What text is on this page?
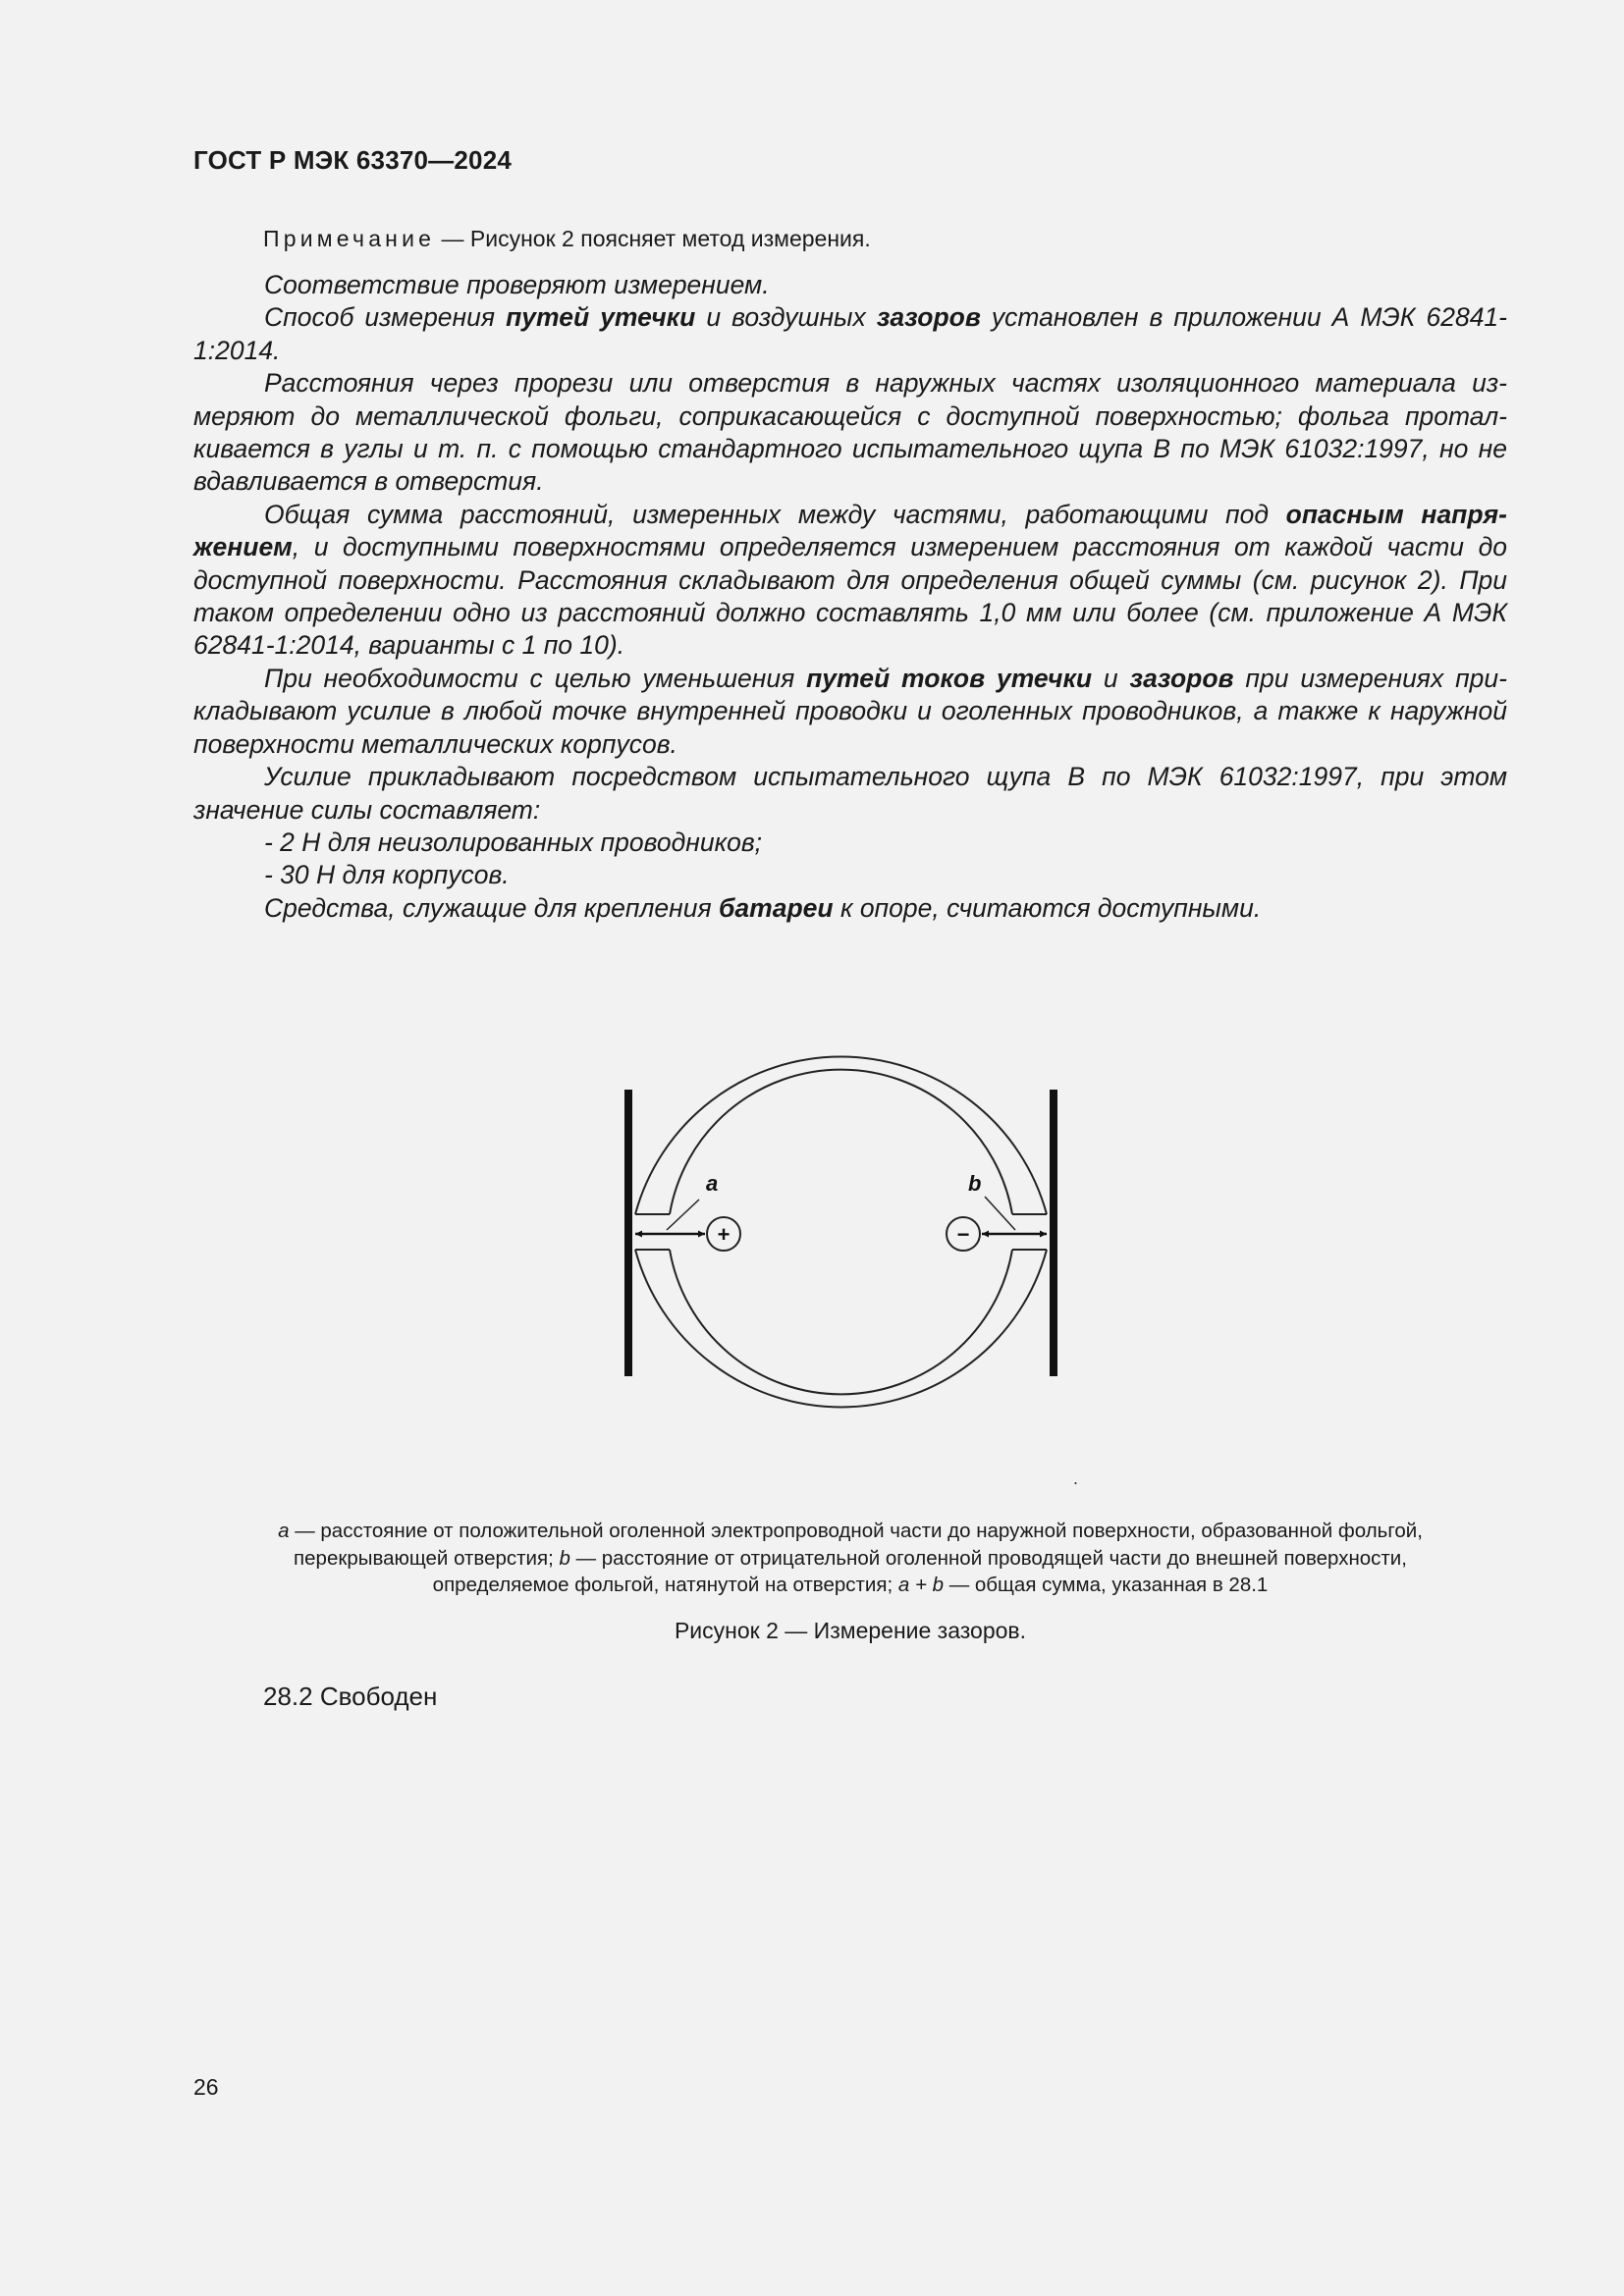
ГОСТ Р МЭК 63370—2024
Примечание — Рисунок 2 поясняет метод измерения.

Соответствие проверяют измерением.

Способ измерения путей утечки и воздушных зазоров установлен в приложении А МЭК 62841-1:2014.

Расстояния через прорези или отверстия в наружных частях изоляционного материала измеряют до металлической фольги, соприкасающейся с доступной поверхностью; фольга проталкивается в углы и т. п. с помощью стандартного испытательного щупа В по МЭК 61032:1997, но не вдавливается в отверстия.

Общая сумма расстояний, измеренных между частями, работающими под опасным напряжением, и доступными поверхностями определяется измерением расстояния от каждой части до доступной поверхности. Расстояния складывают для определения общей суммы (см. рисунок 2). При таком определении одно из расстояний должно составлять 1,0 мм или более (см. приложение А МЭК 62841-1:2014, варианты с 1 по 10).

При необходимости с целью уменьшения путей токов утечки и зазоров при измерениях прикладывают усилие в любой точке внутренней проводки и оголенных проводников, а также к наружной поверхности металлических корпусов.

Усилие прикладывают посредством испытательного щупа В по МЭК 61032:1997, при этом значение силы составляет:

- 2 Н для неизолированных проводников;

- 30 Н для корпусов.

Средства, служащие для крепления батареи к опоре, считаются доступными.

+	−
a	b
.
a — расстояние от положительной оголенной электропроводной части до наружной поверхности, образованной фольгой,
перекрывающей отверстия; b — расстояние от отрицательной оголенной проводящей части до внешней поверхности,
определяемое фольгой, натянутой на отверстия; a + b — общая сумма, указанная в 28.1
Рисунок 2 — Измерение зазоров.
28.2 Свободен
26
